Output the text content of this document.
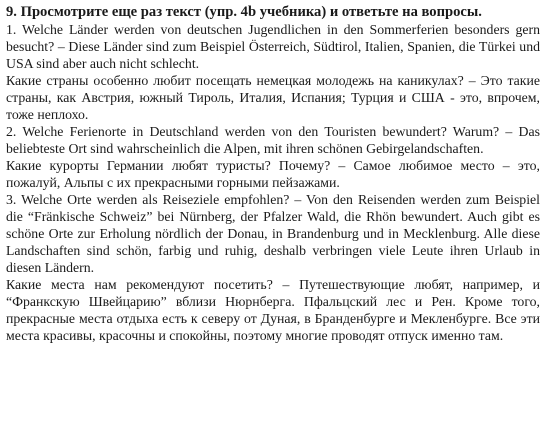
9. Просмотрите еще раз текст (упр. 4b учебника) и ответьте на вопросы.

1. Welche Länder werden von deutschen Jugendlichen in den Sommerferien besonders gern besucht? – Diese Länder sind zum Beispiel Österreich, Südtirol, Italien, Spanien, die Türkei und USA sind aber auch nicht schlecht.

Какие страны особенно любит посещать немецкая молодежь на каникулах? – Это такие страны, как Австрия, южный Тироль, Италия, Испания; Турция и США - это, впрочем, тоже неплохо.

2. Welche Ferienorte in Deutschland werden von den Touristen bewundert? Warum? – Das beliebteste Ort sind wahrscheinlich die Alpen, mit ihren schönen Gebirgelandschaften.

Какие курорты Германии любят туристы? Почему? – Самое любимое место – это, пожалуй, Альпы с их прекрасными горными пейзажами.

3. Welche Orte werden als Reiseziele empfohlen? – Von den Reisenden werden zum Beispiel die “Fränkische Schweiz” bei Nürnberg, der Pfalzer Wald, die Rhön bewundert. Auch gibt es schöne Orte zur Erholung nördlich der Donau, in Brandenburg und in Mecklenburg. Alle diese Landschaften sind schön, farbig und ruhig, deshalb verbringen viele Leute ihren Urlaub in diesen Ländern.

Какие места нам рекомендуют посетить? – Путешествующие любят, например, и “Франкскую Швейцарию” вблизи Нюрнберга. Пфальцский лес и Рен. Кроме того, прекрасные места отдыха есть к северу от Дуная, в Бранденбурге и Мекленбурге. Все эти места красивы, красочны и спокойны, поэтому многие проводят отпуск именно там.
